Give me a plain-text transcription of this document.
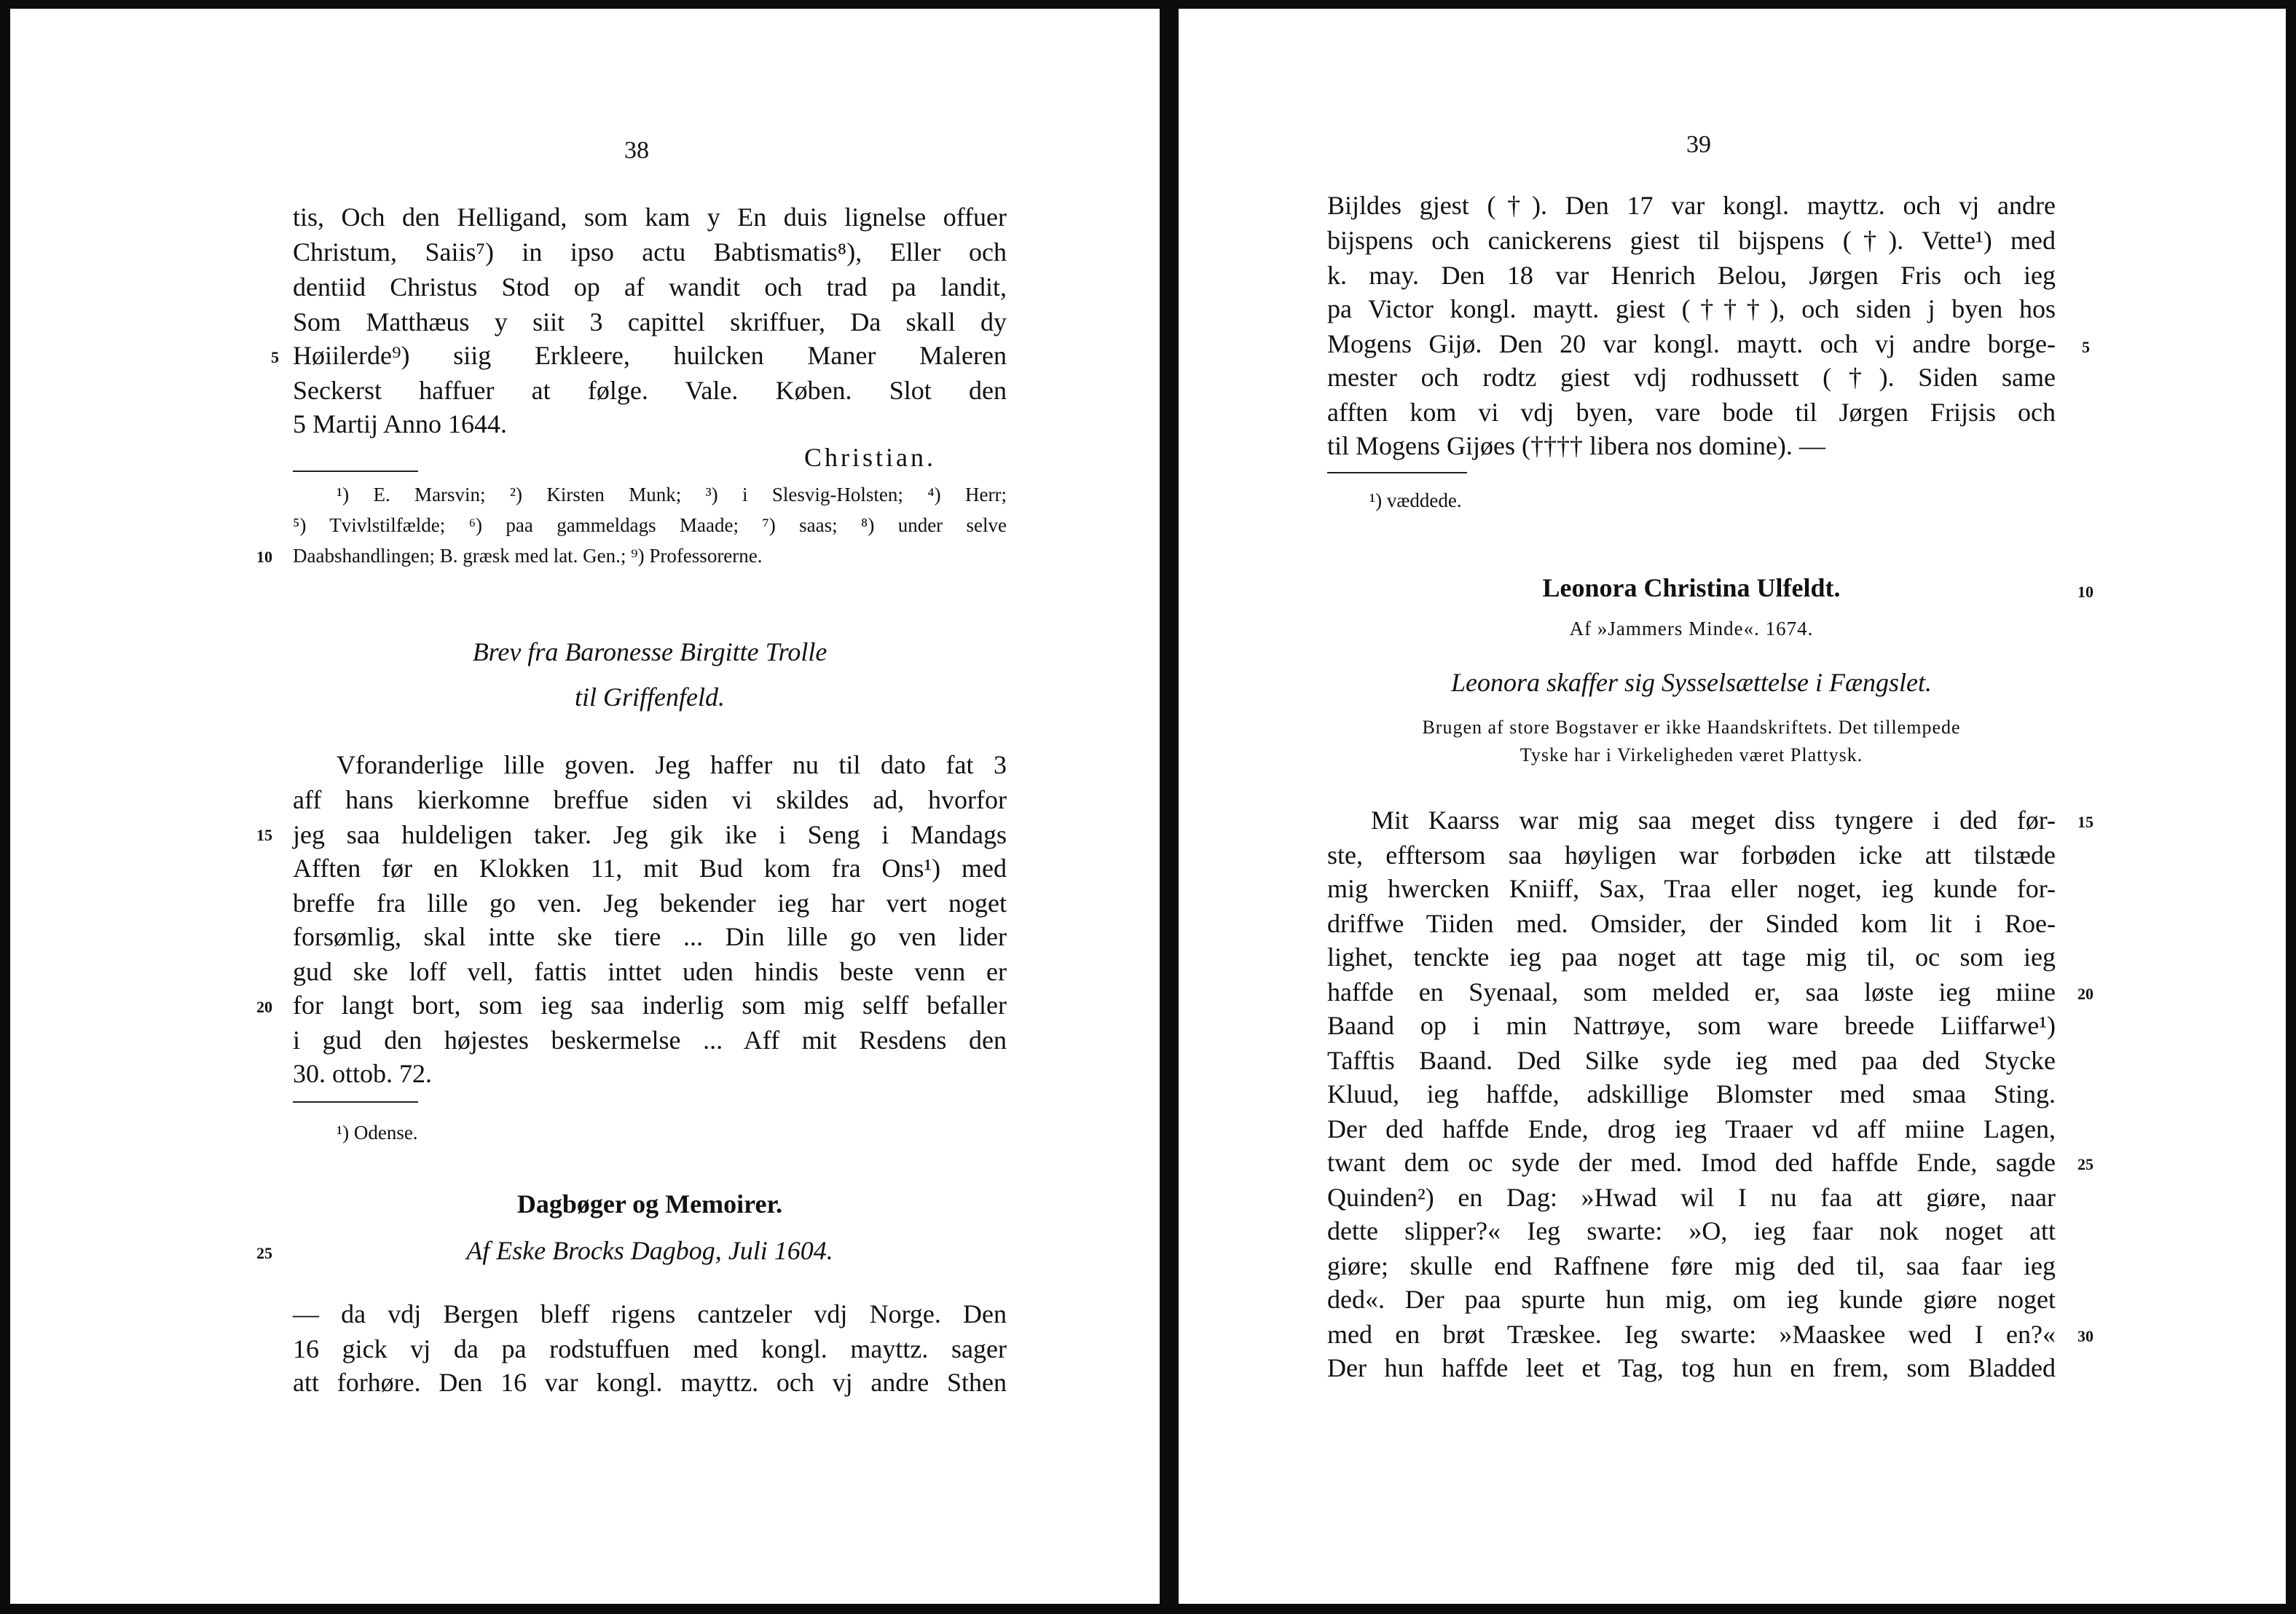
38
tis, Och den Helligand, som kam y En duis lignelse offuer
Christum, Saiis⁷) in ipso actu Babtismatis⁸), Eller och
dentiid Christus Stod op af wandit och trad pa landit,
Som Matthæus y siit 3 capittel skriffuer, Da skall dy
Høiilerde⁹) siig Erkleere, huilcken Maner Maleren
Seckerst haffuer at følge. Vale. Køben. Slot den
5 Martij Anno 1644.
Christian.
¹) E. Marsvin; ²) Kirsten Munk; ³) i Slesvig-Holsten; ⁴) Herr;
⁵) Tvivlstilfælde; ⁶) paa gammeldags Maade; ⁷) saas; ⁸) under selve
Daabshandlingen; B. græsk med lat. Gen.; ⁹) Professorerne.
Brev fra Baronesse Birgitte Trolle
til Griffenfeld.
Vforanderlige lille goven. Jeg haffer nu til dato fat 3
aff hans kierkomne breffue siden vi skildes ad, hvorfor
jeg saa huldeligen taker. Jeg gik ike i Seng i Mandags
Afften før en Klokken 11, mit Bud kom fra Ons¹) med
breffe fra lille go ven. Jeg bekender ieg har vert noget
forsømlig, skal intte ske tiere ... Din lille go ven lider
gud ske loff vell, fattis inttet uden hindis beste venn er
for langt bort, som ieg saa inderlig som mig selff befaller
i gud den højestes beskermelse ... Aff mit Resdens den
30. ottob. 72.
¹) Odense.
Dagbøger og Memoirer.
Af Eske Brocks Dagbog, Juli 1604.
— da vdj Bergen bleff rigens cantzeler vdj Norge. Den
16 gick vj da pa rodstuffuen med kongl. mayttz. sager
att forhøre. Den 16 var kongl. mayttz. och vj andre Sthen
5
10
15
20
25
39
Bijldes gjest (†). Den 17 var kongl. mayttz. och vj andre
bijspens och canickerens giest til bijspens (†). Vette¹) med
k. may. Den 18 var Henrich Belou, Jørgen Fris och ieg
pa Victor kongl. maytt. giest (†††), och siden j byen hos
Mogens Gijø. Den 20 var kongl. maytt. och vj andre borge-
mester och rodtz giest vdj rodhussett (†). Siden same
afften kom vi vdj byen, vare bode til Jørgen Frijsis och
til Mogens Gijøes (†††† libera nos domine). —
¹) væddede.
Leonora Christina Ulfeldt.
Af »Jammers Minde«. 1674.
Leonora skaffer sig Sysselsættelse i Fængslet.
Brugen af store Bogstaver er ikke Haandskriftets. Det tillempede
Tyske har i Virkeligheden været Plattysk.
Mit Kaarss war mig saa meget diss tyngere i ded før-
ste, efftersom saa høyligen war forbøden icke att tilstæde
mig hwercken Kniiff, Sax, Traa eller noget, ieg kunde for-
driffwe Tiiden med. Omsider, der Sinded kom lit i Roe-
lighet, tenckte ieg paa noget att tage mig til, oc som ieg
haffde en Syenaal, som melded er, saa løste ieg miine
Baand op i min Nattrøye, som ware breede Liiffarwe¹)
Tafftis Baand. Ded Silke syde ieg med paa ded Stycke
Kluud, ieg haffde, adskillige Blomster med smaa Sting.
Der ded haffde Ende, drog ieg Traaer vd aff miine Lagen,
twant dem oc syde der med. Imod ded haffde Ende, sagde
Quinden²) en Dag: »Hwad wil I nu faa att giøre, naar
dette slipper?« Ieg swarte: »O, ieg faar nok noget att
giøre; skulle end Raffnene føre mig ded til, saa faar ieg
ded«. Der paa spurte hun mig, om ieg kunde giøre noget
med en brøt Træskee. Ieg swarte: »Maaskee wed I en?«
Der hun haffde leet et Tag, tog hun en frem, som Bladded
5
10
15
20
25
30
